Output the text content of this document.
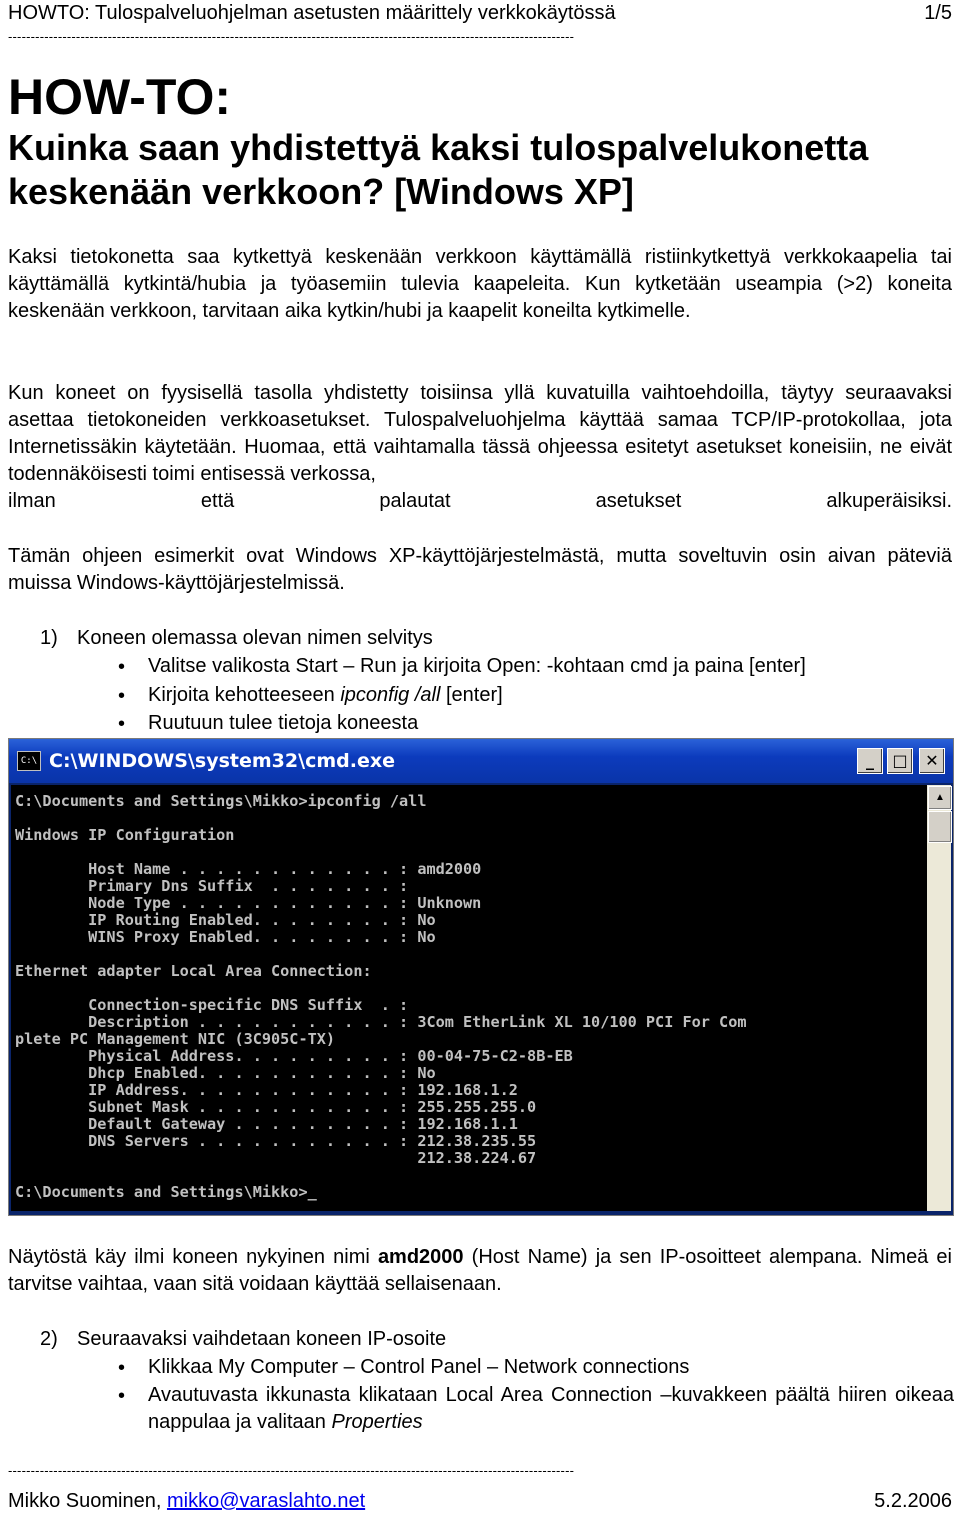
HOWTO: Tulospalveluohjelman asetusten määrittely verkkokäytössä	1/5
-----------------------------------------------------------------------------------------------------------------------------
HOW-TO:
Kuinka saan yhdistettyä kaksi tulospalvelukonetta
keskenään verkkoon? [Windows XP]
Kaksi tietokonetta saa kytkettyä keskenään verkkoon käyttämällä ristiinkytkettyä verkkokaapelia tai käyttämällä kytkintä/hubia ja työasemiin tulevia kaapeleita. Kun kytketään useampia (>2) koneita keskenään verkkoon, tarvitaan aika kytkin/hubi ja kaapelit koneilta kytkimelle.
Kun koneet on fyysisellä tasolla yhdistetty toisiinsa yllä kuvatuilla vaihtoehdoilla, täytyy seuraavaksi asettaa tietokoneiden verkkoasetukset. Tulospalveluohjelma käyttää samaa TCP/IP-protokollaa, jota Internetissäkin käytetään. Huomaa, että vaihtamalla tässä ohjeessa esitetyt asetukset koneisiin, ne eivät todennäköisesti toimi entisessä verkossa,
ilman että palautat asetukset alkuperäisiksi.
Tämän ohjeen esimerkit ovat Windows XP-käyttöjärjestelmästä, mutta soveltuvin osin aivan päteviä muissa Windows-käyttöjärjestelmissä.
1) Koneen olemassa olevan nimen selvitys
• Valitse valikosta Start – Run ja kirjoita Open: -kohtaan cmd ja paina [enter]
• Kirjoita kehotteeseen ipconfig /all [enter]
• Ruutuun tulee tietoja koneesta
C:\ C:\WINDOWS\system32\cmd.exe	_	□	✕
C:\Documents and Settings\Mikko>ipconfig /all

Windows IP Configuration

Host Name . . . . . . . . . . . . : amd2000
Primary Dns Suffix  . . . . . . . :
Node Type . . . . . . . . . . . . : Unknown
IP Routing Enabled. . . . . . . . : No
WINS Proxy Enabled. . . . . . . . : No

Ethernet adapter Local Area Connection:

Connection-specific DNS Suffix  . :
Description . . . . . . . . . . . : 3Com EtherLink XL 10/100 PCI For Com
plete PC Management NIC (3C905C-TX)
Physical Address. . . . . . . . . : 00-04-75-C2-8B-EB
Dhcp Enabled. . . . . . . . . . . : No
IP Address. . . . . . . . . . . . : 192.168.1.2
Subnet Mask . . . . . . . . . . . : 255.255.255.0
Default Gateway . . . . . . . . . : 192.168.1.1
DNS Servers . . . . . . . . . . . : 212.38.235.55
212.38.224.67

C:\Documents and Settings\Mikko>_
▲
Näytöstä käy ilmi koneen nykyinen nimi amd2000 (Host Name) ja sen IP-osoitteet alempana. Nimeä ei tarvitse vaihtaa, vaan sitä voidaan käyttää sellaisenaan.
2) Seuraavaksi vaihdetaan koneen IP-osoite
• Klikkaa My Computer – Control Panel – Network connections
• Avautuvasta ikkunasta klikataan Local Area Connection –kuvakkeen päältä hiiren oikeaa nappulaa ja valitaan Properties
-----------------------------------------------------------------------------------------------------------------------------
Mikko Suominen, mikko@varaslahto.net	5.2.2006
